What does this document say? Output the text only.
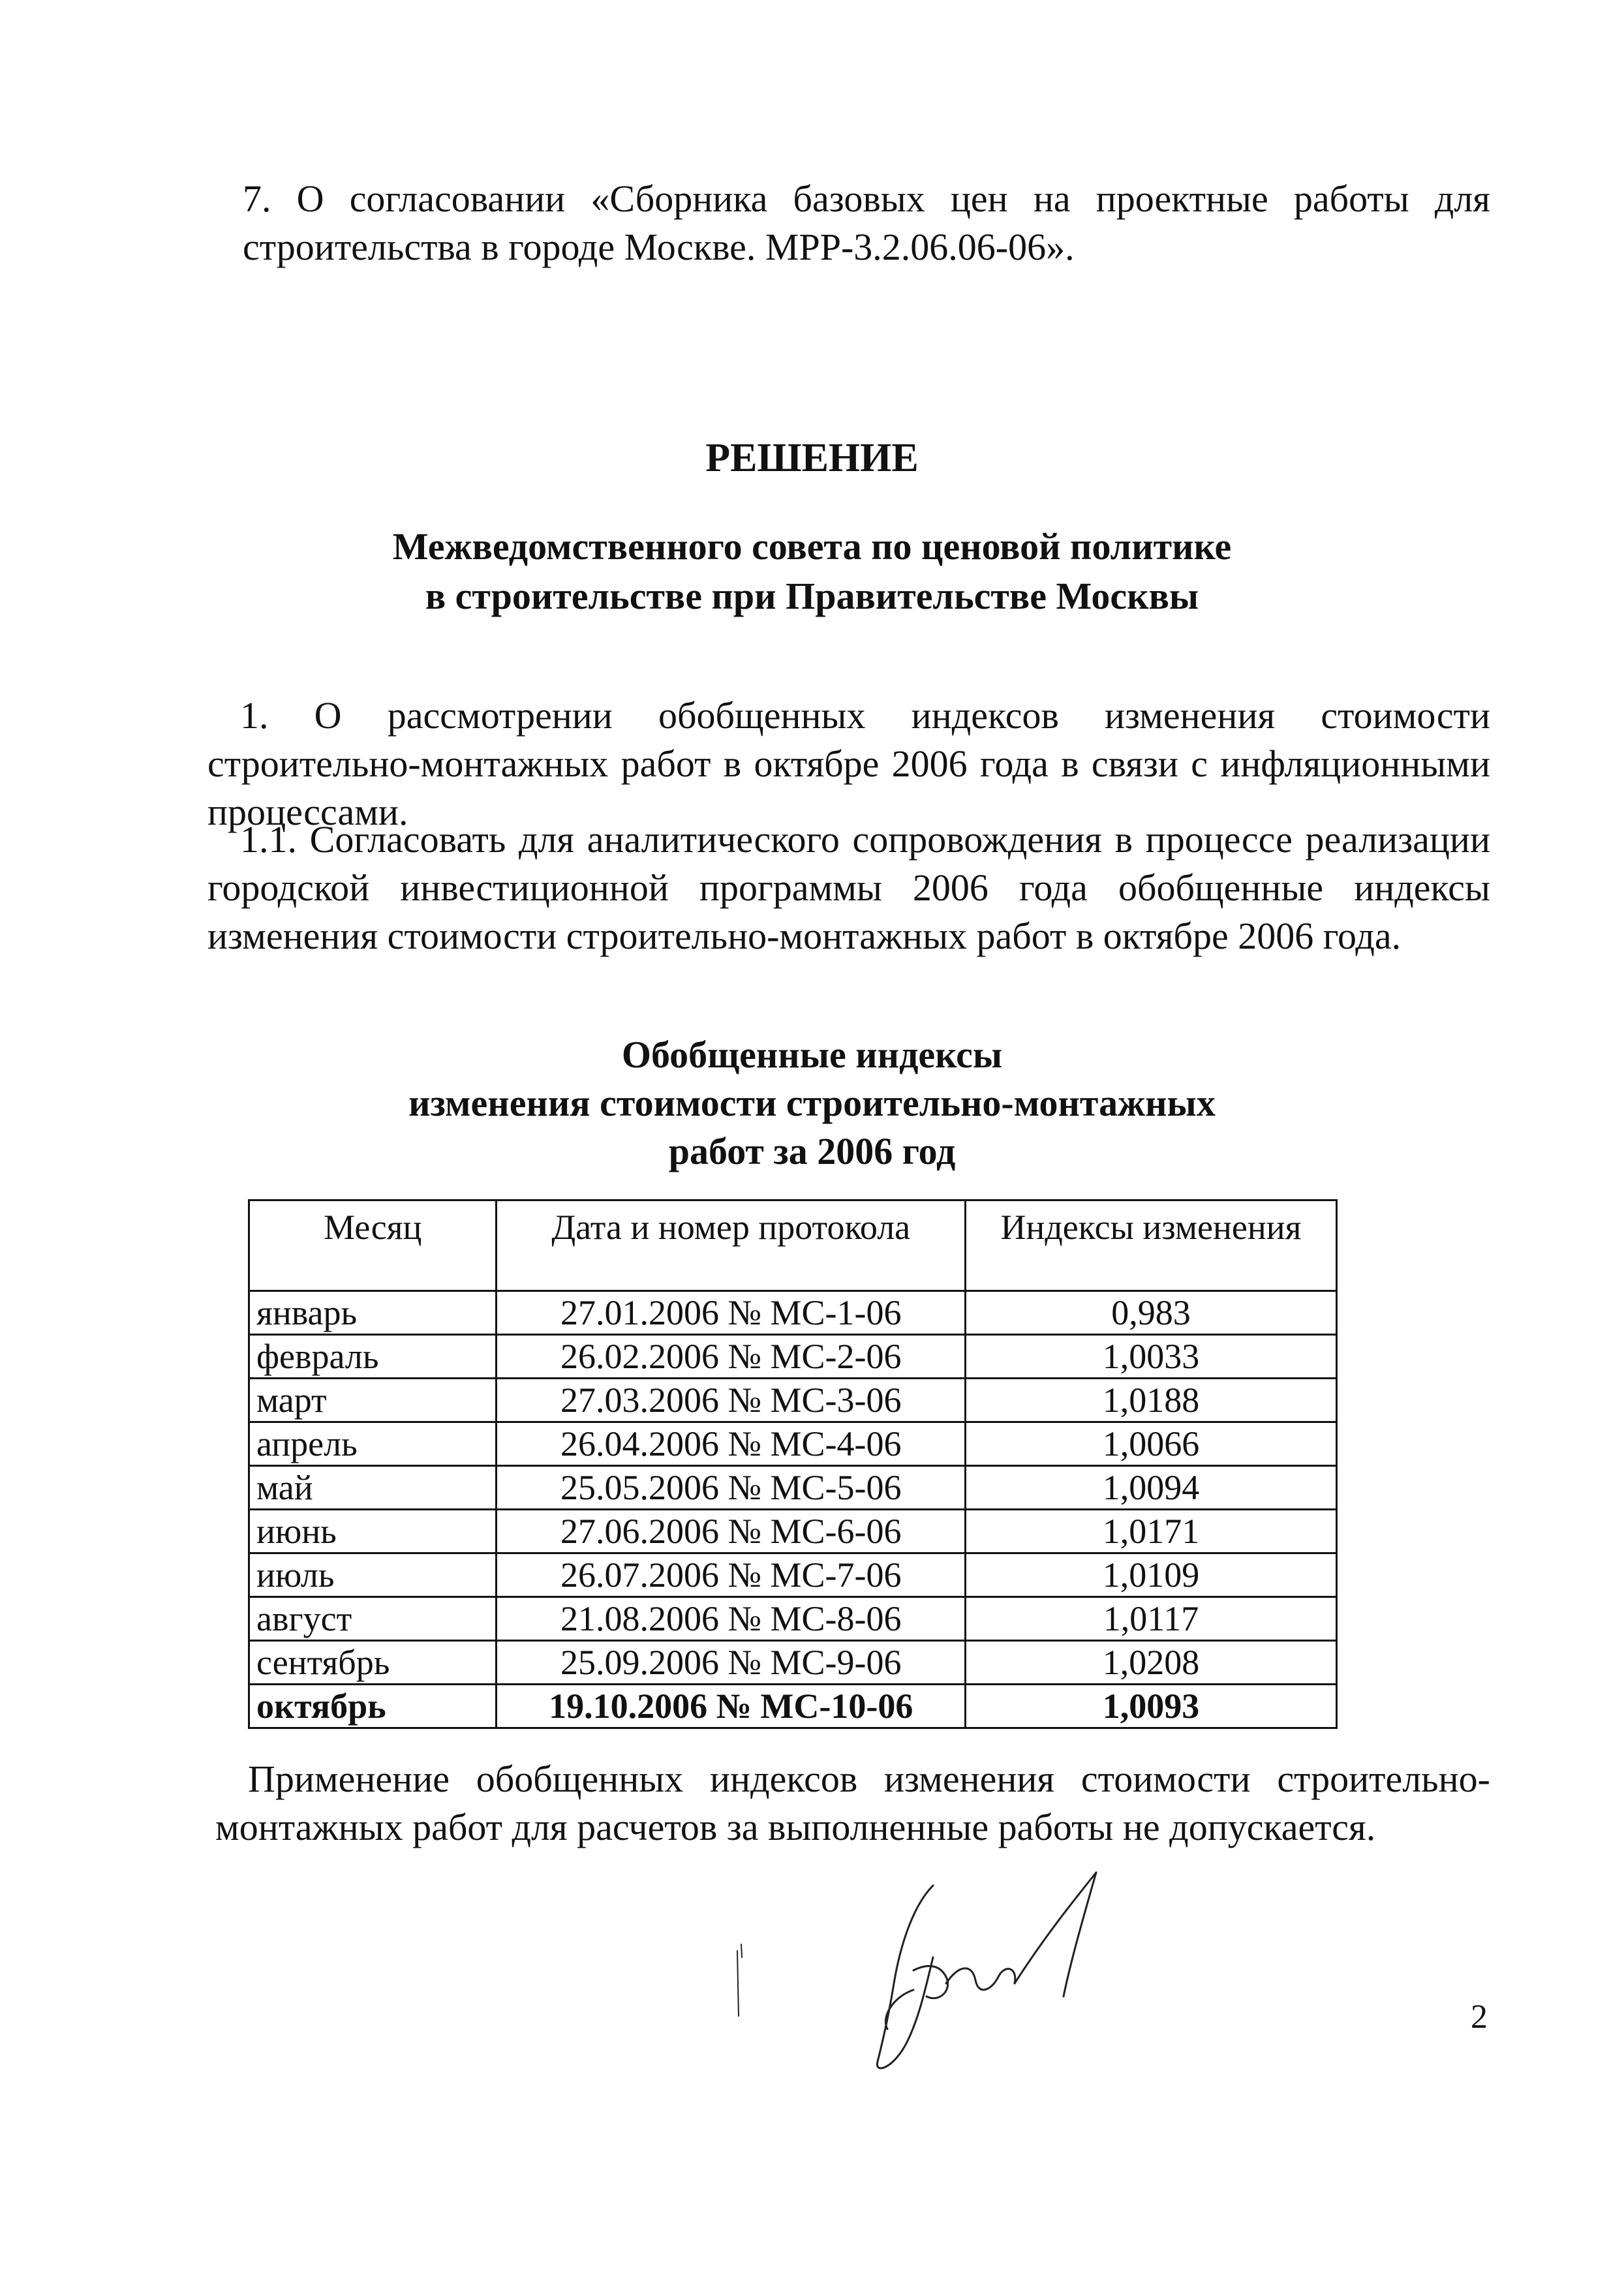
7. О согласовании «Сборника базовых цен на проектные работы для строительства в городе Москве. МРР-3.2.06.06-06».

РЕШЕНИЕ
Межведомственного совета по ценовой политике
в строительстве при Правительстве Москвы

1. О рассмотрении обобщенных индексов изменения стоимости строительно-монтажных работ в октябре 2006 года в связи с инфляционными процессами.

1.1. Согласовать для аналитического сопровождения в процессе реализации городской инвестиционной программы 2006 года обобщенные индексы изменения стоимости строительно-монтажных работ в октябре 2006 года.

Обобщенные индексы
изменения стоимости строительно-монтажных
работ за 2006 год
Месяц	Дата и номер протокола	Индексы изменения
январь	27.01.2006 № МС-1-06	0,983
февраль	26.02.2006 № МС-2-06	1,0033
март	27.03.2006 № МС-3-06	1,0188
апрель	26.04.2006 № МС-4-06	1,0066
май	25.05.2006 № МС-5-06	1,0094
июнь	27.06.2006 № МС-6-06	1,0171
июль	26.07.2006 № МС-7-06	1,0109
август	21.08.2006 № МС-8-06	1,0117
сентябрь	25.09.2006 № МС-9-06	1,0208
октябрь	19.10.2006 № МС-10-06	1,0093

Применение обобщенных индексов изменения стоимости строительно-монтажных работ для расчетов за выполненные работы не допускается.

2
